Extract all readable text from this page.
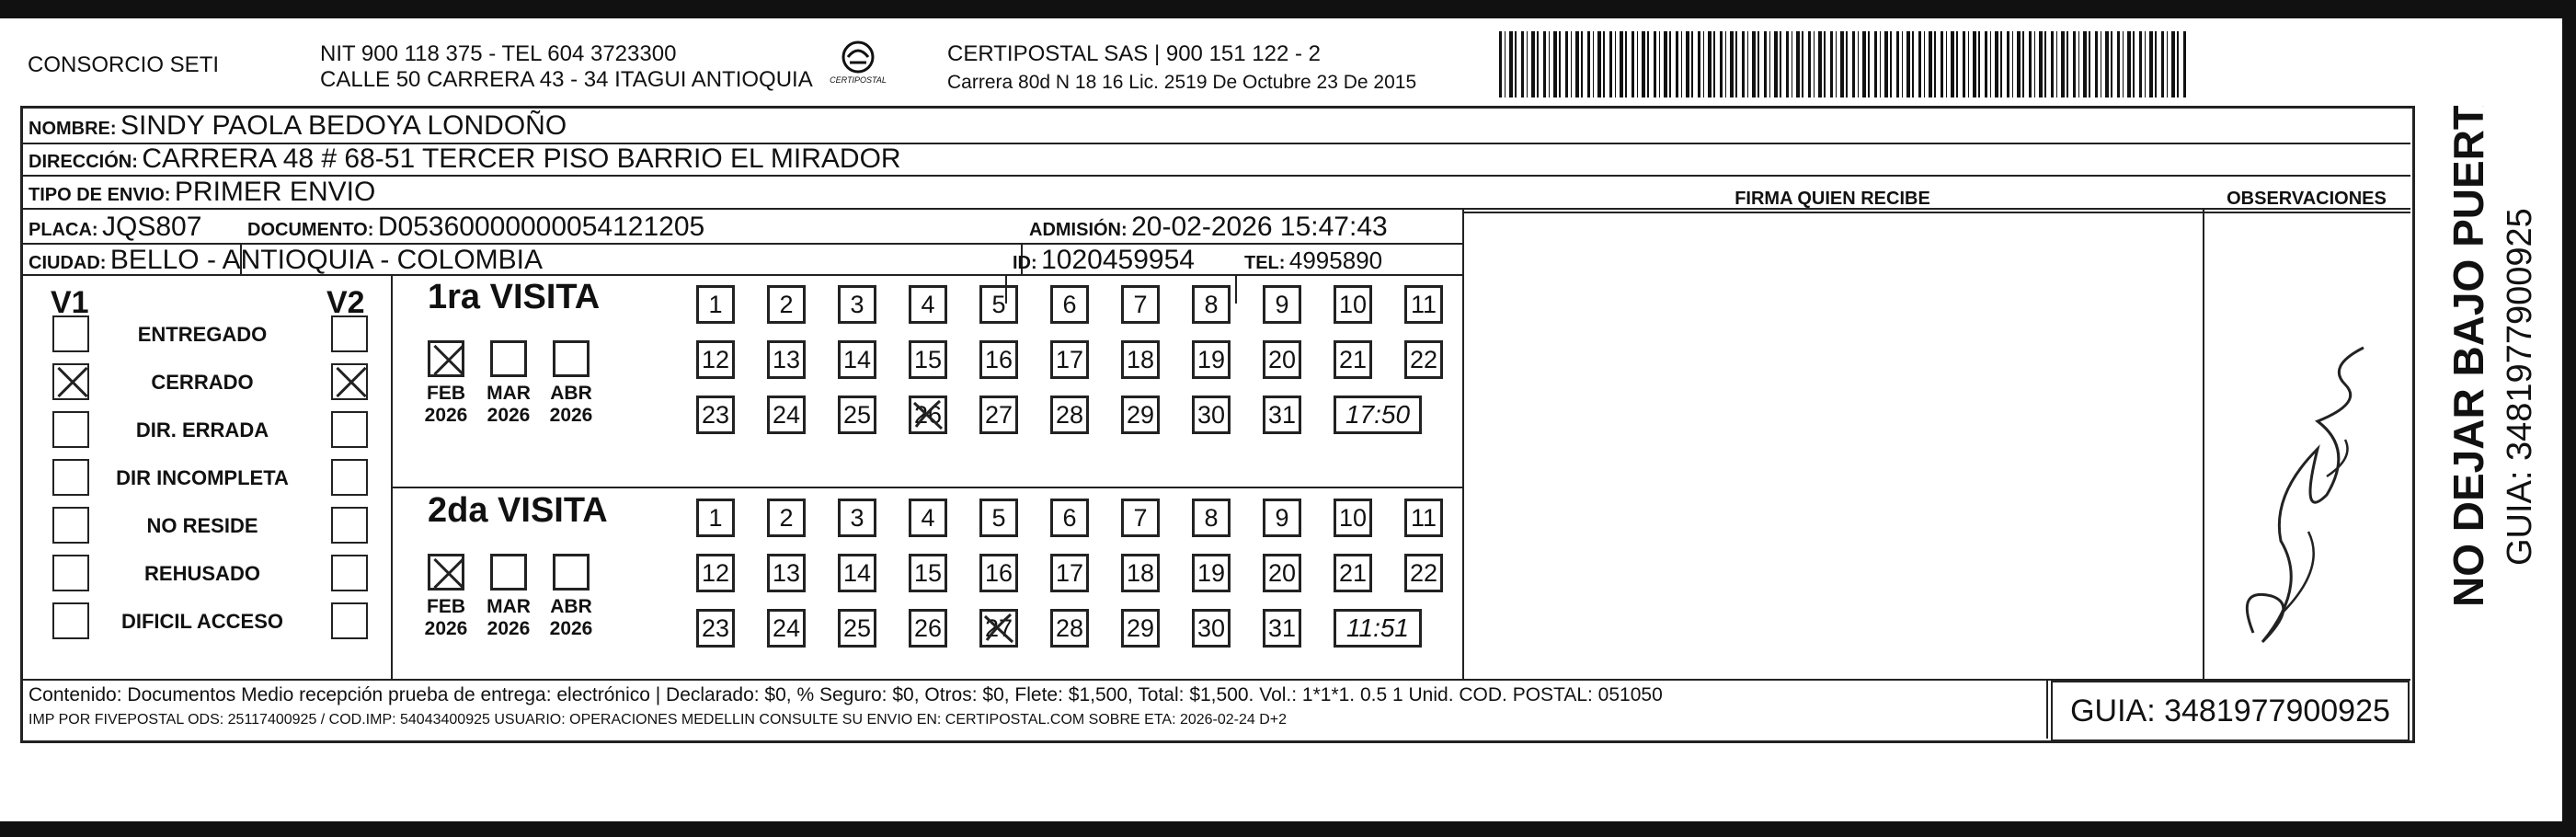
CONSORCIO SETI	NIT 900 118 375 - TEL 604 3723300
CALLE 50 CARRERA 43 - 34 ITAGUI ANTIOQUIA	CERTIPOSTAL
CERTIPOSTAL SAS | 900 151 122 - 2
Carrera 80d N 18 16 Lic. 2519 De Octubre 23 De 2015
NOMBRE: SINDY PAOLA BEDOYA LONDOÑO
DIRECCIÓN: CARRERA 48 # 68-51 TERCER PISO BARRIO EL MIRADOR
TIPO DE ENVIO: PRIMER ENVIO	FIRMA QUIEN RECIBE	OBSERVACIONES
PLACA: JQS807 DOCUMENTO: D05360000000054121205	ADMISIÓN: 20-02-2026 15:47:43
CIUDAD: BELLO - ANTIOQUIA - COLOMBIA	ID: 1020459954	TEL: 4995890
V1	V2
ENTREGADO
CERRADO
DIR. ERRADA
DIR INCOMPLETA
NO RESIDE
REHUSADO
DIFICIL ACCESO
1ra VISITA
FEB
2026
MAR
2026
ABR
2026
1	2	3	4	5	6	7	8	9	10 11
12 13 14 15 16 17 18 19 20 21 22
23 24 25 26 27 28 29 30 31	17:50
2da VISITA
FEB
2026
MAR
2026
ABR
2026
1	2	3	4	5	6	7	8	9	10 11
12 13 14 15 16 17 18 19 20 21 22
23 24 25 26 27 28 29 30 31	11:51
Contenido: Documentos Medio recepción prueba de entrega: electrónico | Declarado: $0, % Seguro: $0, Otros: $0, Flete: $1,500, Total: $1,500. Vol.: 1*1*1. 0.5 1 Unid. COD. POSTAL: 051050
IMP POR FIVEPOSTAL ODS: 25117400925 / COD.IMP: 54043400925 USUARIO: OPERACIONES MEDELLIN CONSULTE SU ENVIO EN: CERTIPOSTAL.COM SOBRE ETA: 2026-02-24 D+2	GUIA: 3481977900925
NO DEJAR BAJO PUERTA GUIA: 3481977900925
